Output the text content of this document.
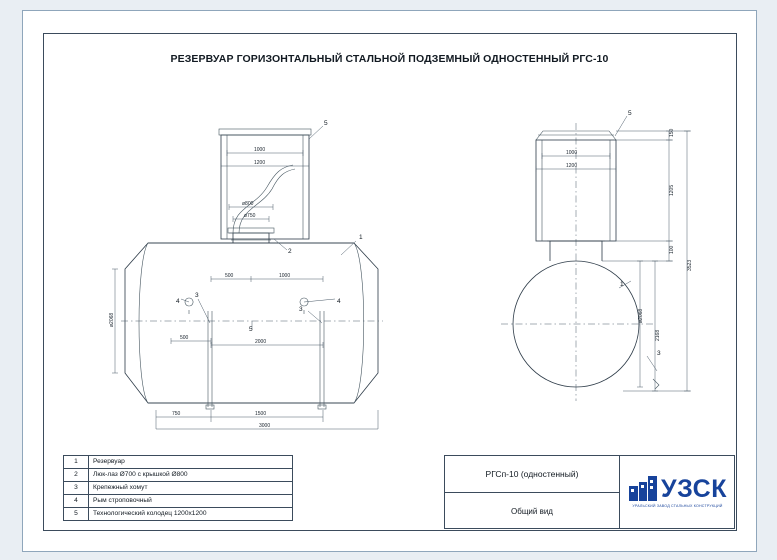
РЕЗЕРВУАР ГОРИЗОНТАЛЬНЫЙ СТАЛЬНОЙ ПОДЗЕМНЫЙ ОДНОСТЕННЫЙ РГС-10
ø800
ø750
1000
1200
5
2
1
3
3
4	4
5
500	1000
500
2000
750	1500
3000
ø2068
5
1
3
1000
1200
150
1205
100
3523
2168
ø2068
1	Резервуар
2	Люк-лаз Ø700 с крышкой Ø800
3	Крепежный хомут
4	Рым строповочный
5	Технологический колодец 1200х1200
РГСп-10 (одностенный)
Общий вид
УЗСК
УРАЛЬСКИЙ ЗАВОД СТАЛЬНЫХ КОНСТРУКЦИЙ
